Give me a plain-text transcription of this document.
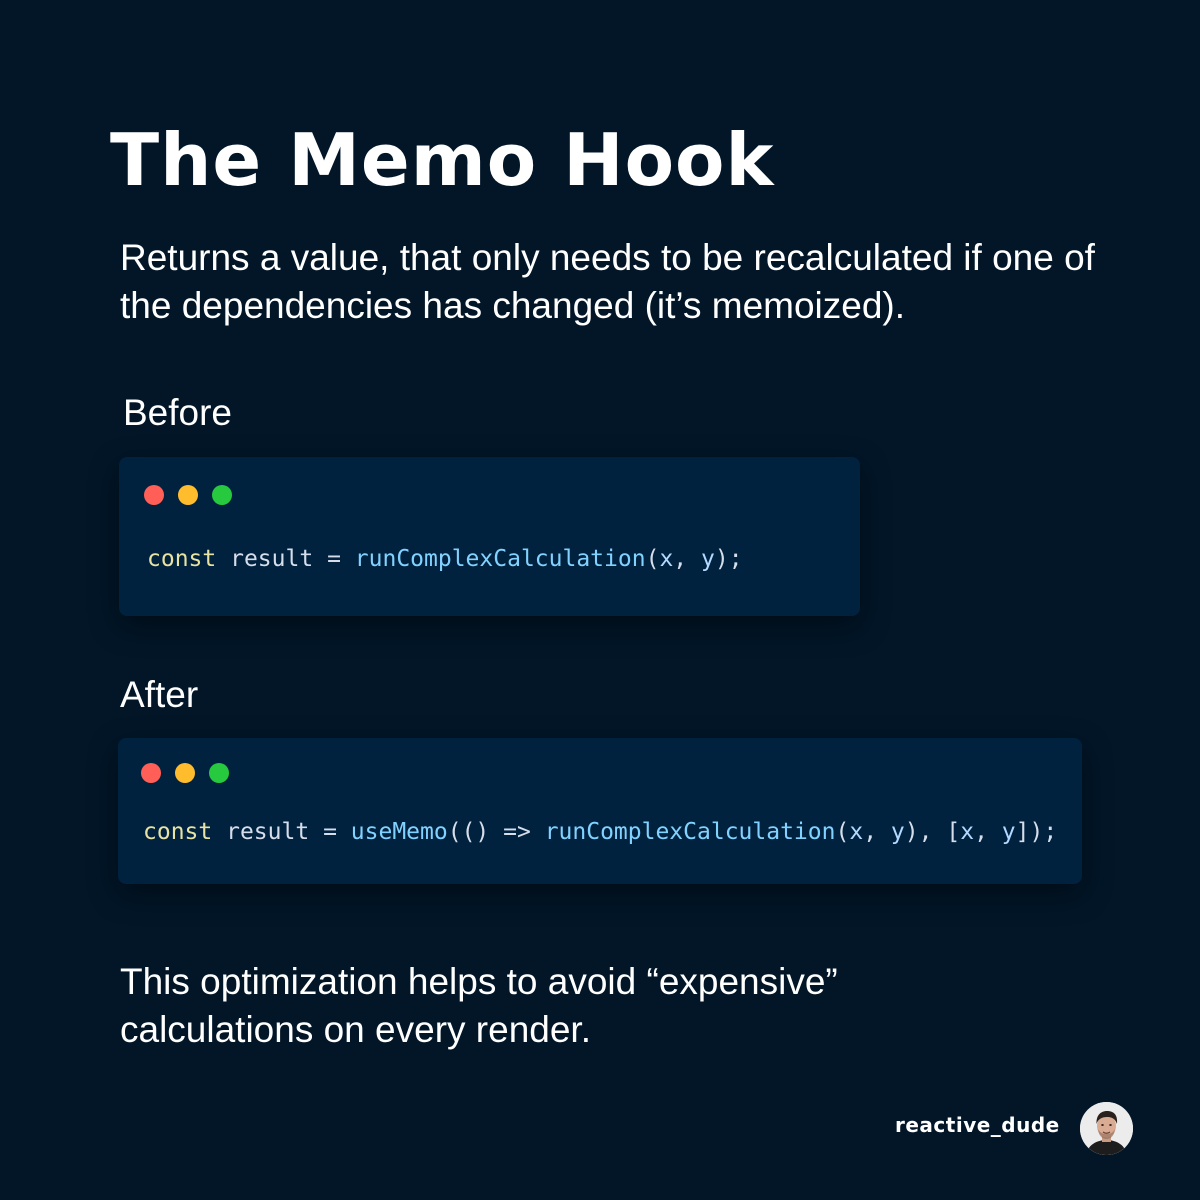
The Memo Hook

Returns a value, that only needs to be recalculated if one of the dependencies has changed (it’s memoized).

Before
const result = runComplexCalculation(x, y);
After
const result = useMemo(() => runComplexCalculation(x, y), [x, y]);

This optimization helps to avoid “expensive” calculations on every render.

reactive_dude
